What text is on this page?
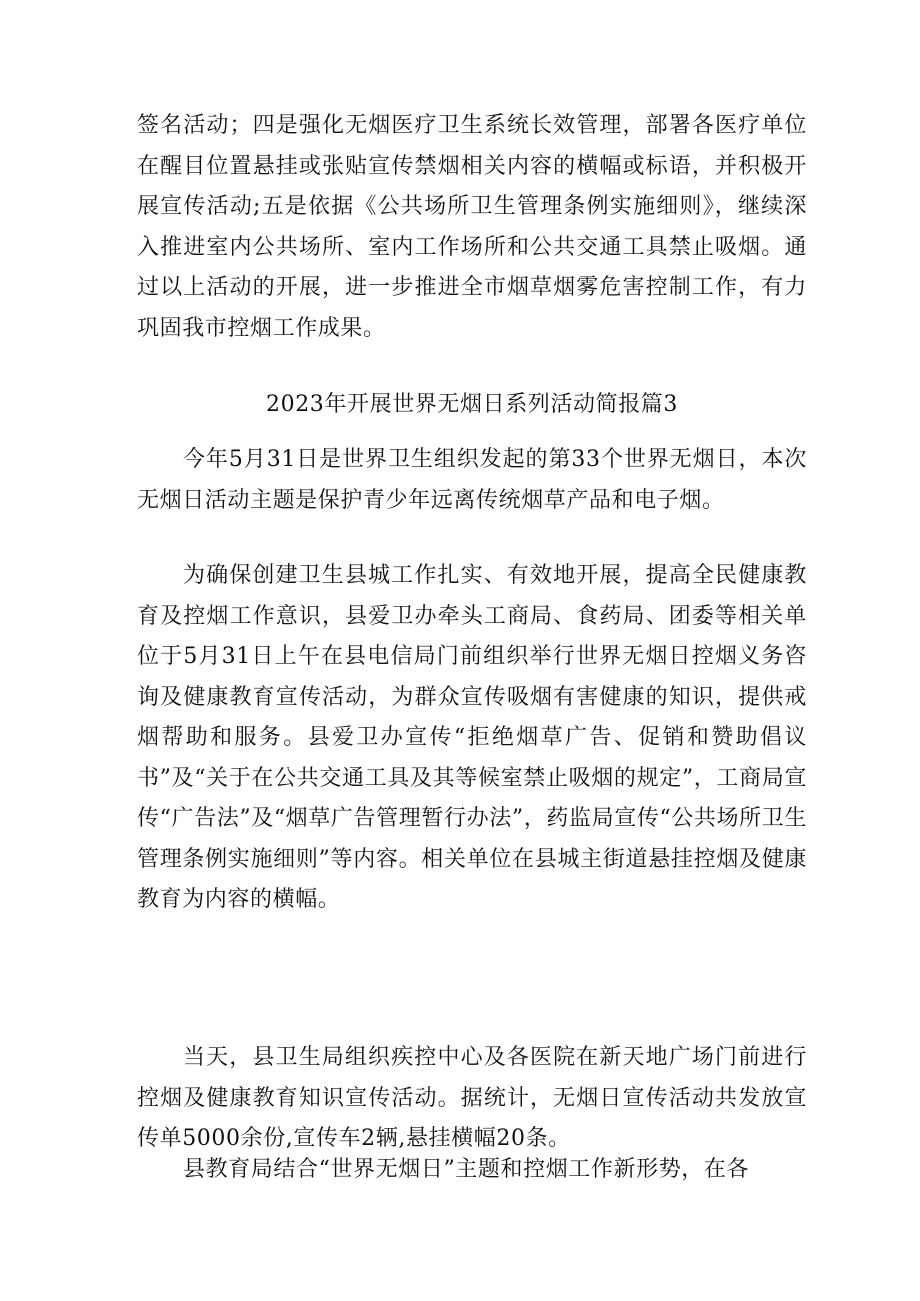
签名活动；四是强化无烟医疗卫生系统长效管理，部署各医疗单位在醒目位置悬挂或张贴宣传禁烟相关内容的横幅或标语，并积极开展宣传活动;五是依据《公共场所卫生管理条例实施细则》，继续深入推进室内公共场所、室内工作场所和公共交通工具禁止吸烟。通过以上活动的开展，进一步推进全市烟草烟雾危害控制工作，有力巩固我市控烟工作成果。

2023年开展世界无烟日系列活动简报篇3

今年5月31日是世界卫生组织发起的第33个世界无烟日，本次无烟日活动主题是保护青少年远离传统烟草产品和电子烟。

为确保创建卫生县城工作扎实、有效地开展，提高全民健康教育及控烟工作意识，县爱卫办牵头工商局、食药局、团委等相关单位于5月31日上午在县电信局门前组织举行世界无烟日控烟义务咨询及健康教育宣传活动，为群众宣传吸烟有害健康的知识，提供戒烟帮助和服务。县爱卫办宣传“拒绝烟草广告、促销和赞助倡议书”及“关于在公共交通工具及其等候室禁止吸烟的规定”，工商局宣传“广告法”及“烟草广告管理暂行办法”，药监局宣传“公共场所卫生管理条例实施细则”等内容。相关单位在县城主街道悬挂控烟及健康教育为内容的横幅。

当天，县卫生局组织疾控中心及各医院在新天地广场门前进行控烟及健康教育知识宣传活动。据统计，无烟日宣传活动共发放宣传单5000余份,宣传车2辆,悬挂横幅20条。

县教育局结合“世界无烟日”主题和控烟工作新形势，在各
